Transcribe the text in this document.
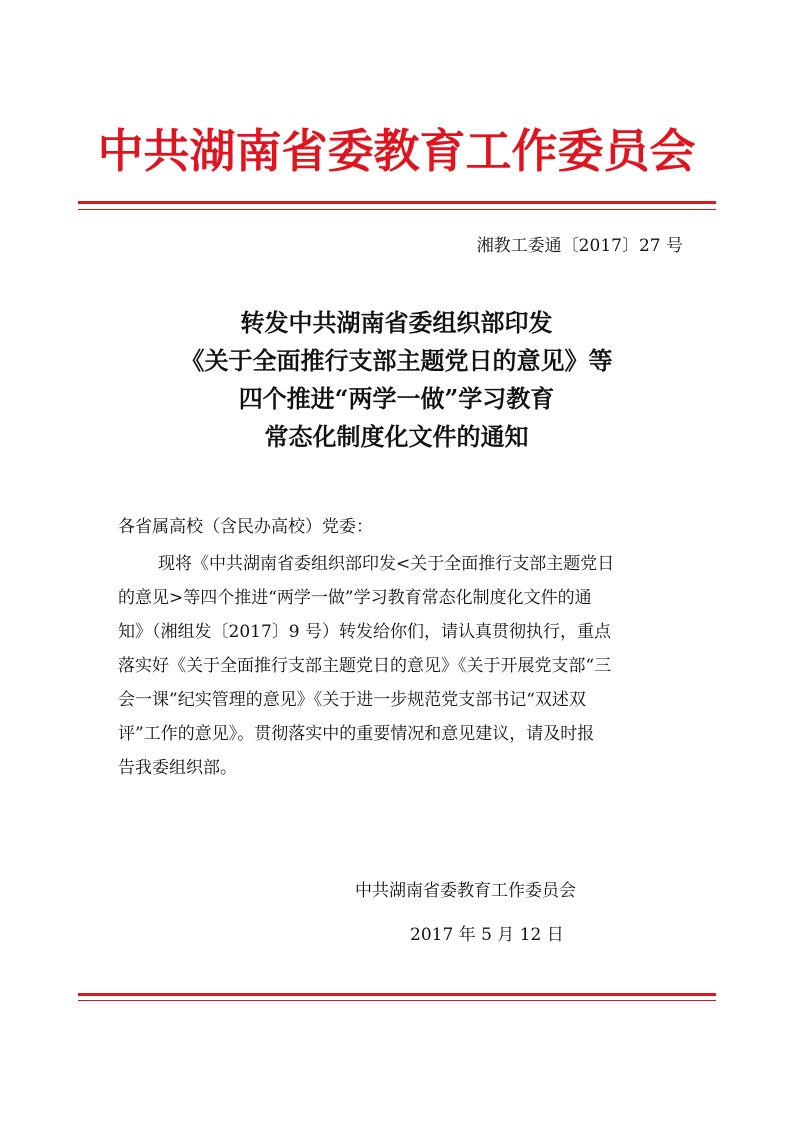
中共湖南省委教育工作委员会
湘教工委通〔2017〕27 号
转发中共湖南省委组织部印发
《关于全面推行支部主题党日的意见》等
四个推进“两学一做”学习教育
常态化制度化文件的通知
各省属高校（含民办高校）党委：
现将《中共湖南省委组织部印发<关于全面推行支部主题党日
的意见>等四个推进“两学一做”学习教育常态化制度化文件的通
知》（湘组发〔2017〕9 号）转发给你们，请认真贯彻执行，重点
落实好《关于全面推行支部主题党日的意见》《关于开展党支部“三
会一课”纪实管理的意见》《关于进一步规范党支部书记“双述双
评”工作的意见》。贯彻落实中的重要情况和意见建议，请及时报
告我委组织部。
中共湖南省委教育工作委员会
2017 年 5 月 12 日
